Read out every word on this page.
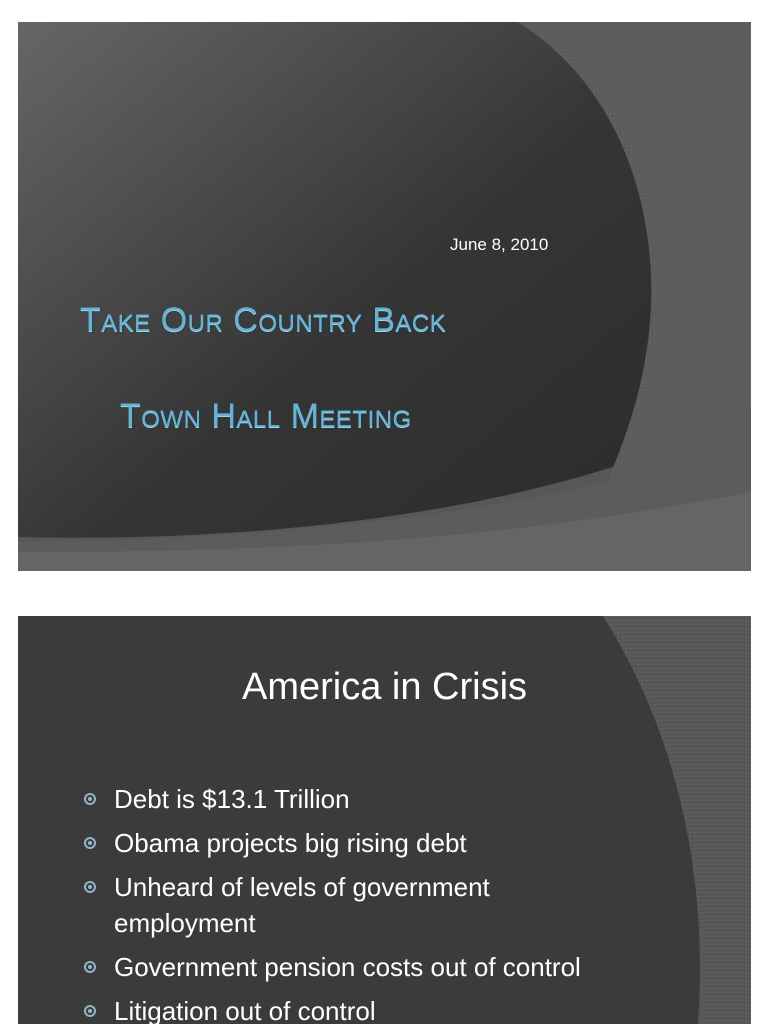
June 8, 2010
Take Our Country Back
Town Hall Meeting
America in Crisis
Debt is $13.1 Trillion
Obama projects big rising debt
Unheard of levels of government employment
Government pension costs out of control
Litigation out of control
